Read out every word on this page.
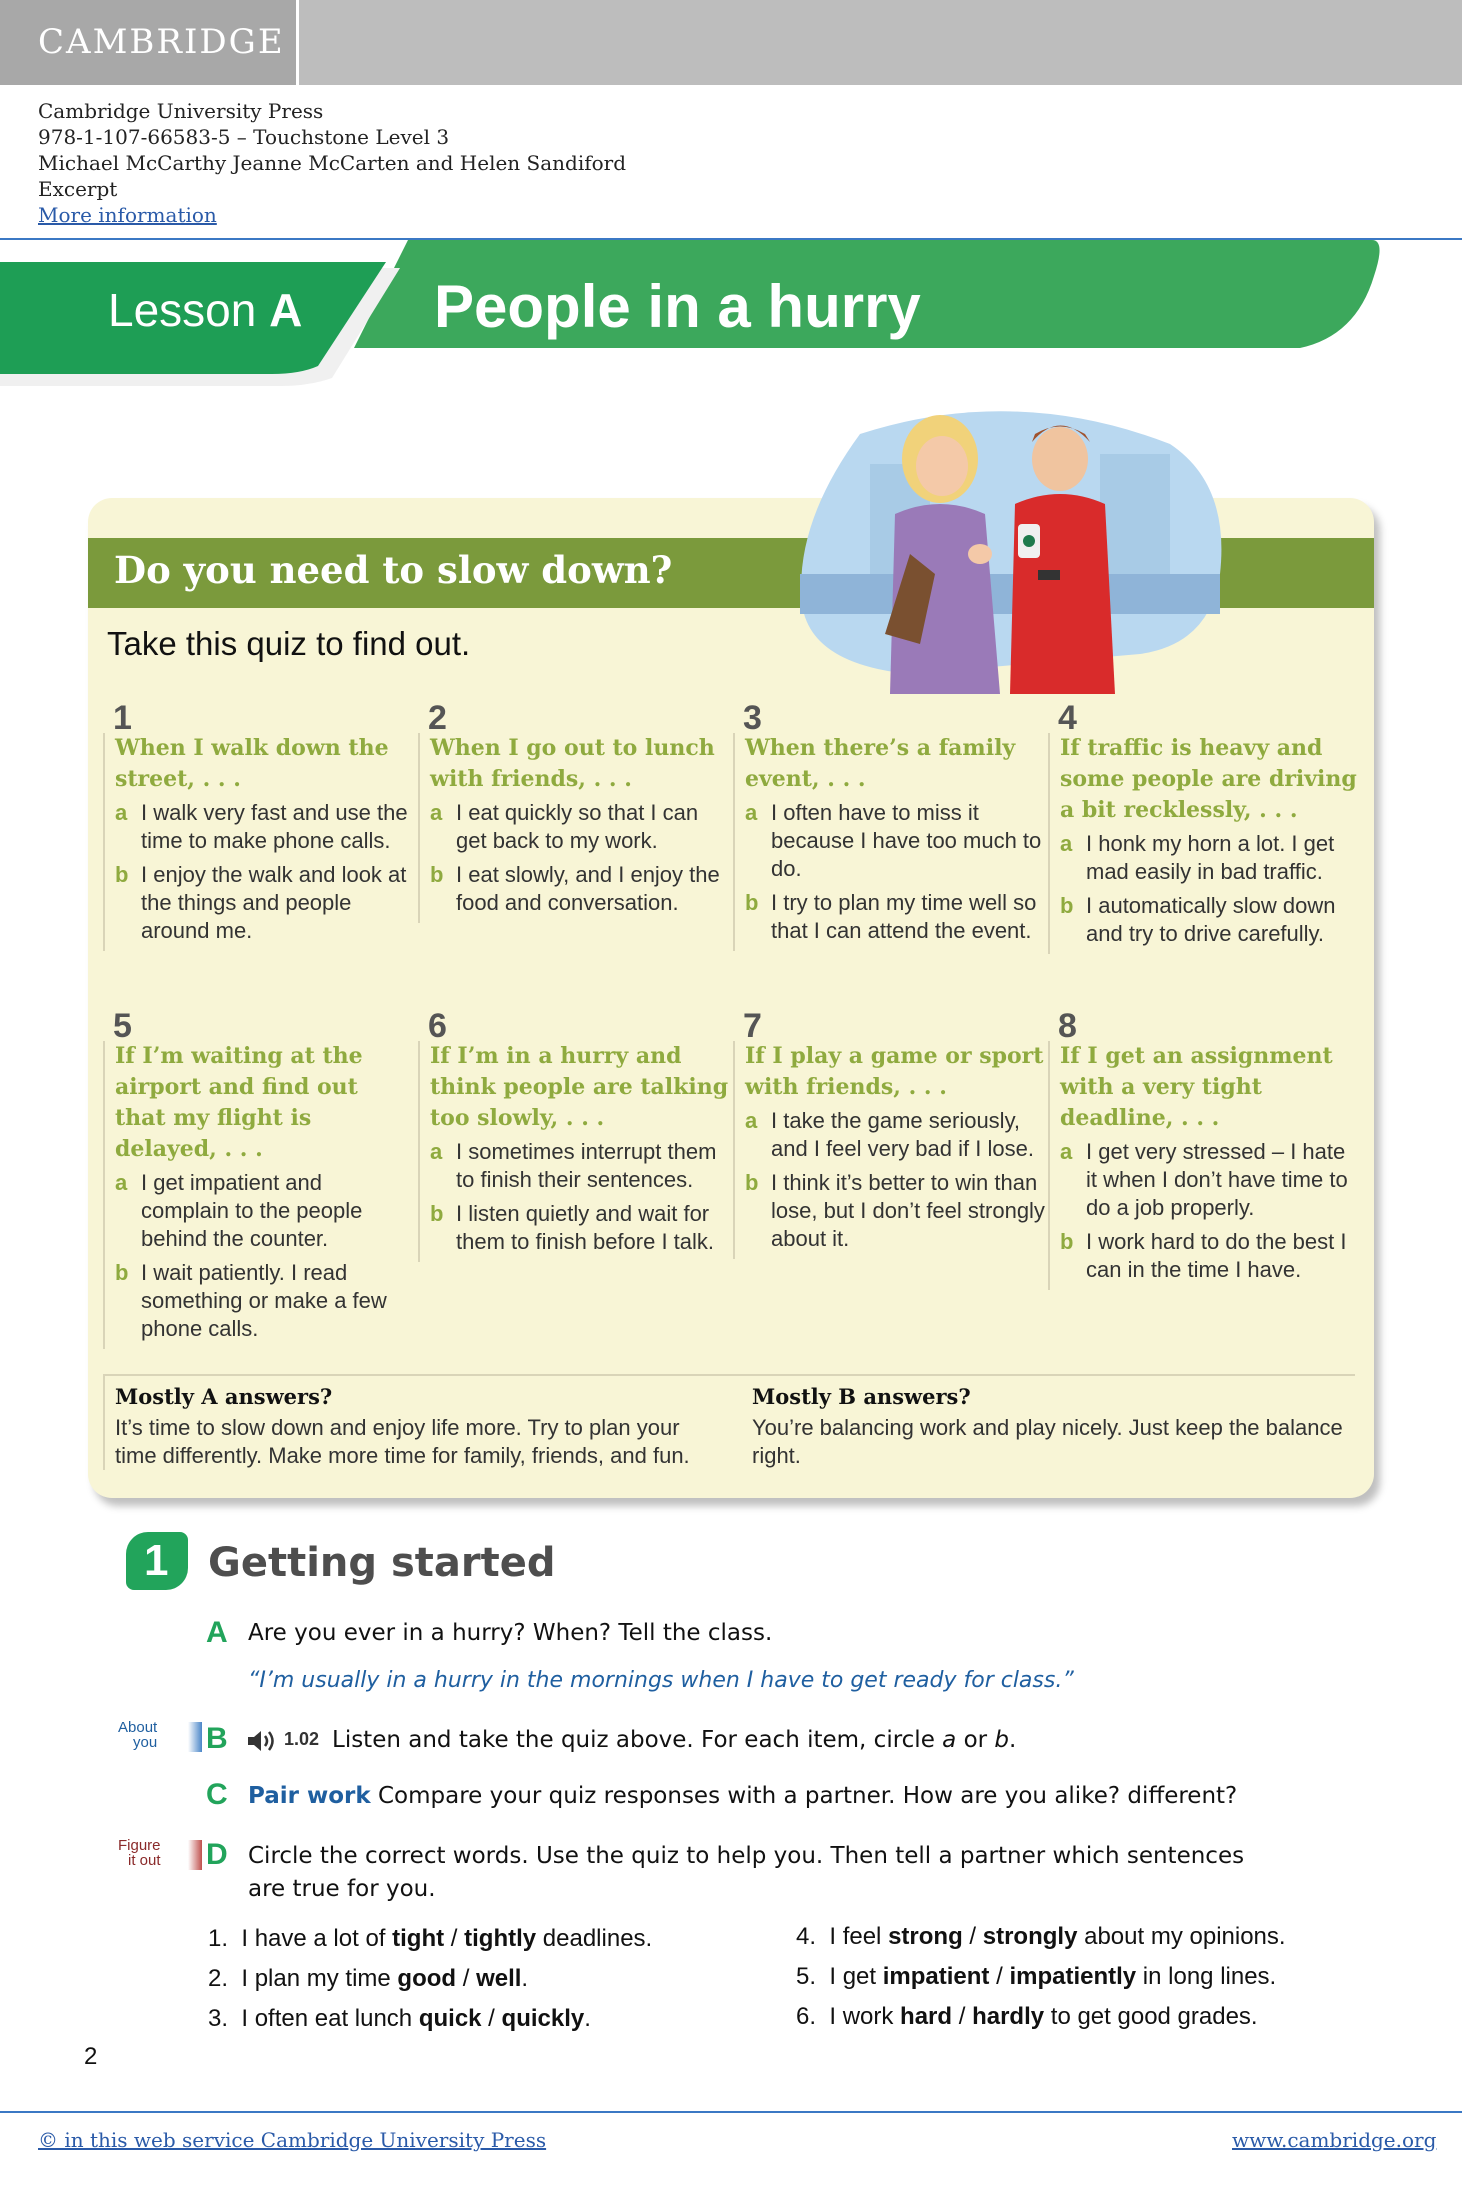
CAMBRIDGE
Cambridge University Press
978-1-107-66583-5 – Touchstone Level 3
Michael McCarthy Jeanne McCarten and Helen Sandiford
Excerpt
More information
Lesson A People in a hurry
Do you need to slow down?
Take this quiz to find out.
1
When I walk down the street, . . .
a I walk very fast and use the time to make phone calls.
b I enjoy the walk and look at the things and people around me.
2
When I go out to lunch with friends, . . .
a I eat quickly so that I can get back to my work.
b I eat slowly, and I enjoy the food and conversation.
3
When there’s a family event, . . .
a I often have to miss it because I have too much to do.
b I try to plan my time well so that I can attend the event.
4
If traffic is heavy and some people are driving a bit recklessly, . . .
a I honk my horn a lot. I get mad easily in bad traffic.
b I automatically slow down and try to drive carefully.
5
If I’m waiting at the airport and find out that my flight is delayed, . . .
a I get impatient and complain to the people behind the counter.
b I wait patiently. I read something or make a few phone calls.
6
If I’m in a hurry and think people are talking too slowly, . . .
a I sometimes interrupt them to finish their sentences.
b I listen quietly and wait for them to finish before I talk.
7
If I play a game or sport with friends, . . .
a I take the game seriously, and I feel very bad if I lose.
b I think it’s better to win than lose, but I don’t feel strongly about it.
8
If I get an assignment with a very tight deadline, . . .
a I get very stressed – I hate it when I don’t have time to do a job properly.
b I work hard to do the best I can in the time I have.
Mostly A answers?
It’s time to slow down and enjoy life more. Try to plan your time differently. Make more time for family, friends, and fun.
Mostly B answers?
You’re balancing work and play nicely. Just keep the balance right.
1 Getting started
A Are you ever in a hurry? When? Tell the class.
“I’m usually in a hurry in the mornings when I have to get ready for class.”
About
you B	1.02 Listen and take the quiz above. For each item, circle a or b.
C Pair work Compare your quiz responses with a partner. How are you alike? different?
Figure
it out D Circle the correct words. Use the quiz to help you. Then tell a partner which sentences
are true for you.
1. I have a lot of tight / tightly deadlines.
2. I plan my time good / well.
3. I often eat lunch quick / quickly.
4. I feel strong / strongly about my opinions.
5. I get impatient / impatiently in long lines.
6. I work hard / hardly to get good grades.
2
© in this web service Cambridge University Press	www.cambridge.org
